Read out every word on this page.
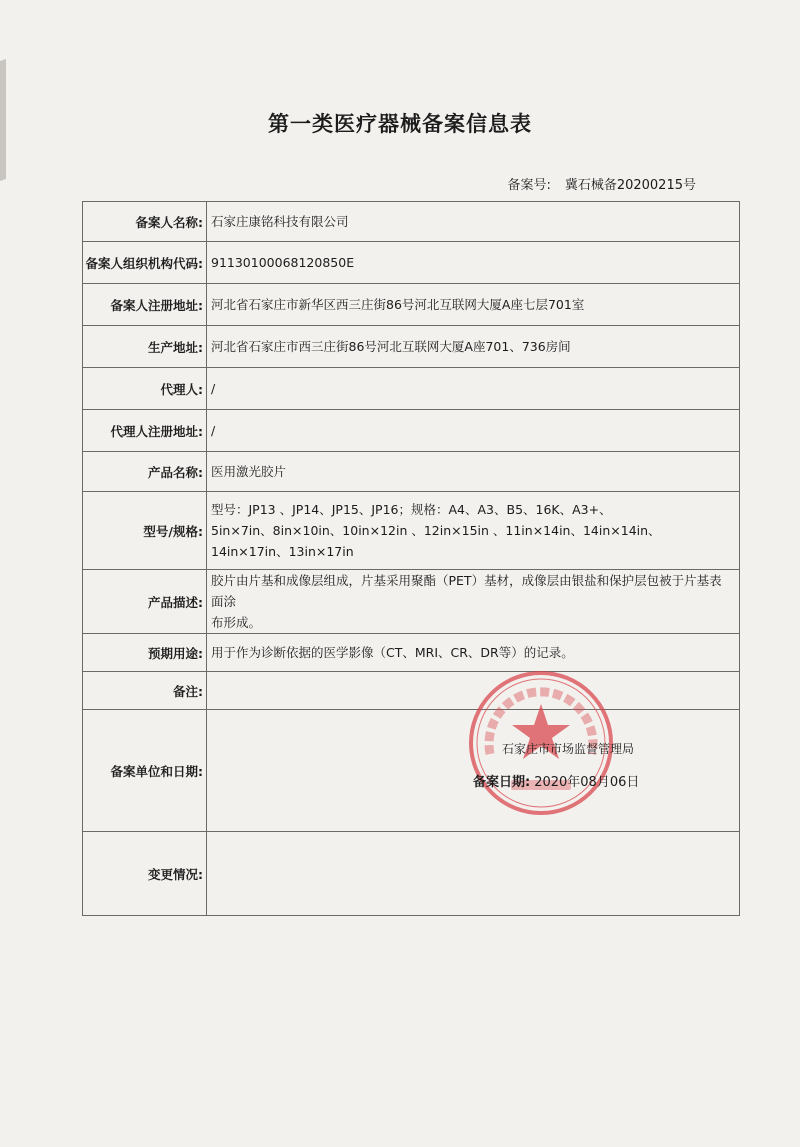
第一类医疗器械备案信息表
备案号: 冀石械备20200215号
备案人名称:	石家庄康铭科技有限公司
备案人组织机构代码:	91130100068120850E
备案人注册地址:	河北省石家庄市新华区西三庄街86号河北互联网大厦A座七层701室
生产地址:	河北省石家庄市西三庄街86号河北互联网大厦A座701、736房间
代理人:	/
代理人注册地址:	/
产品名称:	医用激光胶片
型号/规格:	
型号：JP13 、JP14、JP15、JP16；规格：A4、A3、B5、16K、A3+、
5in×7in、8in×10in、10in×12in 、12in×15in 、11in×14in、14in×14in、
14in×17in、13in×17in

产品描述:	
胶片由片基和成像层组成，片基采用聚酯（PET）基材，成像层由银盐和保护层包被于片基表面涂
布形成。

预期用途:	用于作为诊断依据的医学影像（CT、MRI、CR、DR等）的记录。
备注:	
备案单位和日期:	
变更情况:	
石家庄市市场监督管理局
备案日期: 2020年08月06日
